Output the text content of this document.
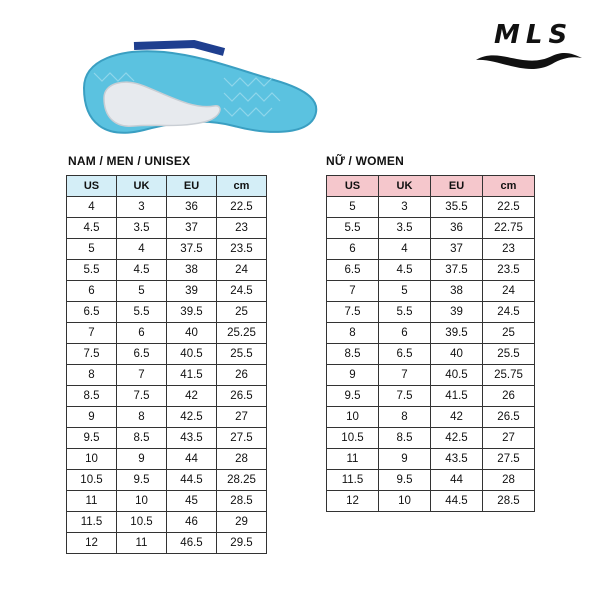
MLS
NAM / MEN / UNISEX	NỮ / WOMEN
US	UK	EU	cm
4	3	36	22.5
4.5	3.5	37	23
5	4	37.5	23.5
5.5	4.5	38	24
6	5	39	24.5
6.5	5.5	39.5	25
7	6	40	25.25
7.5	6.5	40.5	25.5
8	7	41.5	26
8.5	7.5	42	26.5
9	8	42.5	27
9.5	8.5	43.5	27.5
10	9	44	28
10.5	9.5	44.5	28.25
11	10	45	28.5
11.5	10.5	46	29
12	11	46.5	29.5
US	UK	EU	cm
5	3	35.5	22.5
5.5	3.5	36	22.75
6	4	37	23
6.5	4.5	37.5	23.5
7	5	38	24
7.5	5.5	39	24.5
8	6	39.5	25
8.5	6.5	40	25.5
9	7	40.5	25.75
9.5	7.5	41.5	26
10	8	42	26.5
10.5	8.5	42.5	27
11	9	43.5	27.5
11.5	9.5	44	28
12	10	44.5	28.5
